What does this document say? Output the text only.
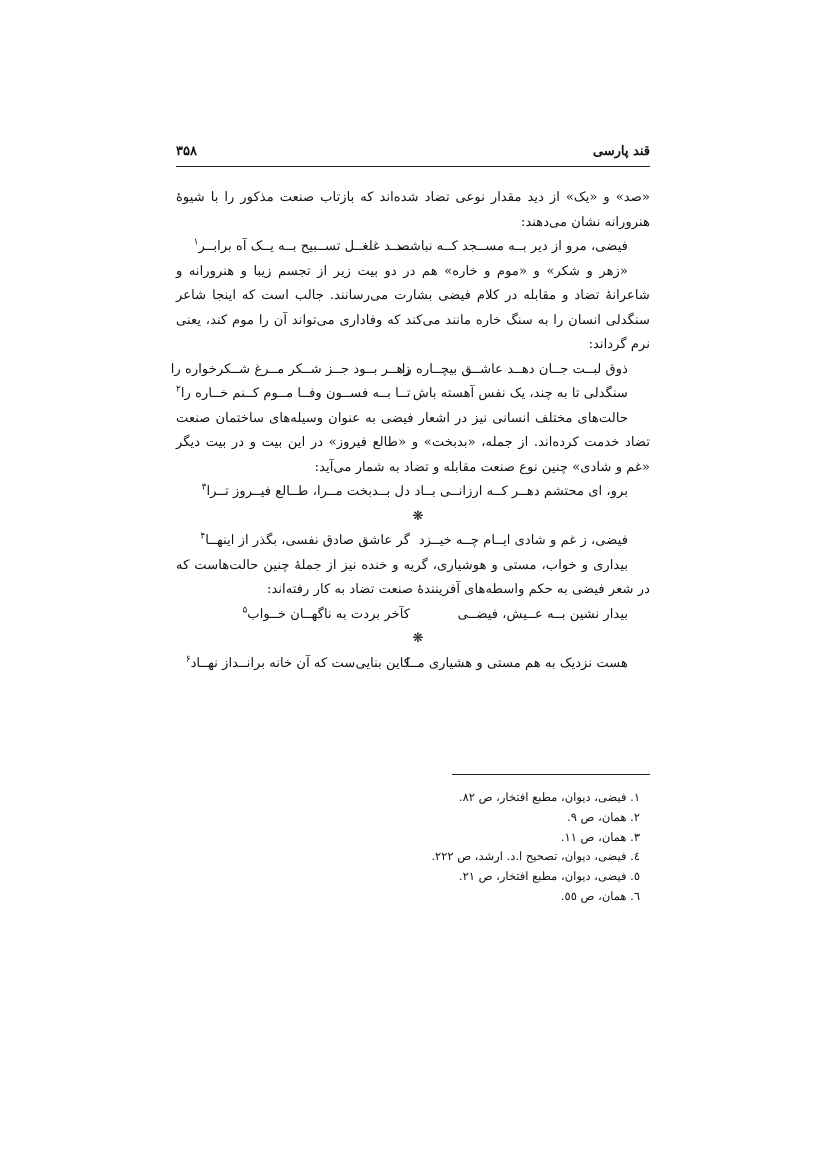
قند پارسی
۳۵۸

«صد» و «یک» از دید مقدار نوعی تضاد شده‌اند که بازتاب صنعت مذکور را با شیوهٔ هنرورانه نشان می‌دهند:

فیضی، مرو از دیر بــه مســجد کــه نباشــد
صــد غلغــل تســبیح بــه یــک آه برابــر$^۱$

«زهر و شکر» و «موم و خاره» هم در دو بیت زیر از تجسم زیبا و هنرورانه و شاعرانهٔ تضاد و مقابله در کلام فیضی بشارت می‌رسانند. جالب است که اینجا شاعر سنگدلی انسان را به سنگ خاره مانند می‌کند که وفاداری می‌تواند آن را موم کند، یعنی نرم گرداند:

ذوق لبــت جــان دهــد عاشــق بیچــاره را
زهــر بــود جــز شــکر مــرغ شــکرخواره را
سنگدلی تا به چند، یک نفس آهسته باش
تــا بــه فســون وفــا مــوم کــنم خــاره را$^۲$

حالت‌های مختلف انسانی نیز در اشعار فیضی به عنوان وسیله‌های ساختمان صنعت تضاد خدمت کرده‌اند. از جمله، «بدبخت» و «طالع فیروز» در این بیت و در بیت دیگر «غم و شادی» چنین نوع صنعت مقابله و تضاد به شمار می‌آید:

برو، ای محتشم دهــر کــه ارزانــی بــاد
دل بــدبخت مــرا، طــالع فیــروز تــرا$^۳$
❋
فیضی، ز غم و شادی ایــام چــه خیــزد
گر عاشق صادق نفسی، بگذر از اینهــا$^۴$

بیداری و خواب، مستی و هوشیاری، گریه و خنده نیز از جملهٔ چنین حالت‌هاست که در شعر فیضی به حکم واسطه‌های آفرینندهٔ صنعت تضاد به کار رفته‌اند:

بیدار نشین بــه عــیش، فیضــی
کآخر بردت به ناگهــان خــواب$^۵$
❋
هست نزدیک به هم مستی و هشیاری مــا
کاین بنایی‌ست که آن خانه برانــداز نهــاد$^۶$
۱. فیضی، دیوان، مطبع افتخار، ص ۸۲.
۲. همان، ص ۹.
۳. همان، ص ۱۱.
٤. فیضی، دیوان، تصحیح ا.د. ارشد، ص ۲۲۲.
٥. فیضی، دیوان، مطبع افتخار، ص ۲۱.
٦. همان، ص ٥٥.
